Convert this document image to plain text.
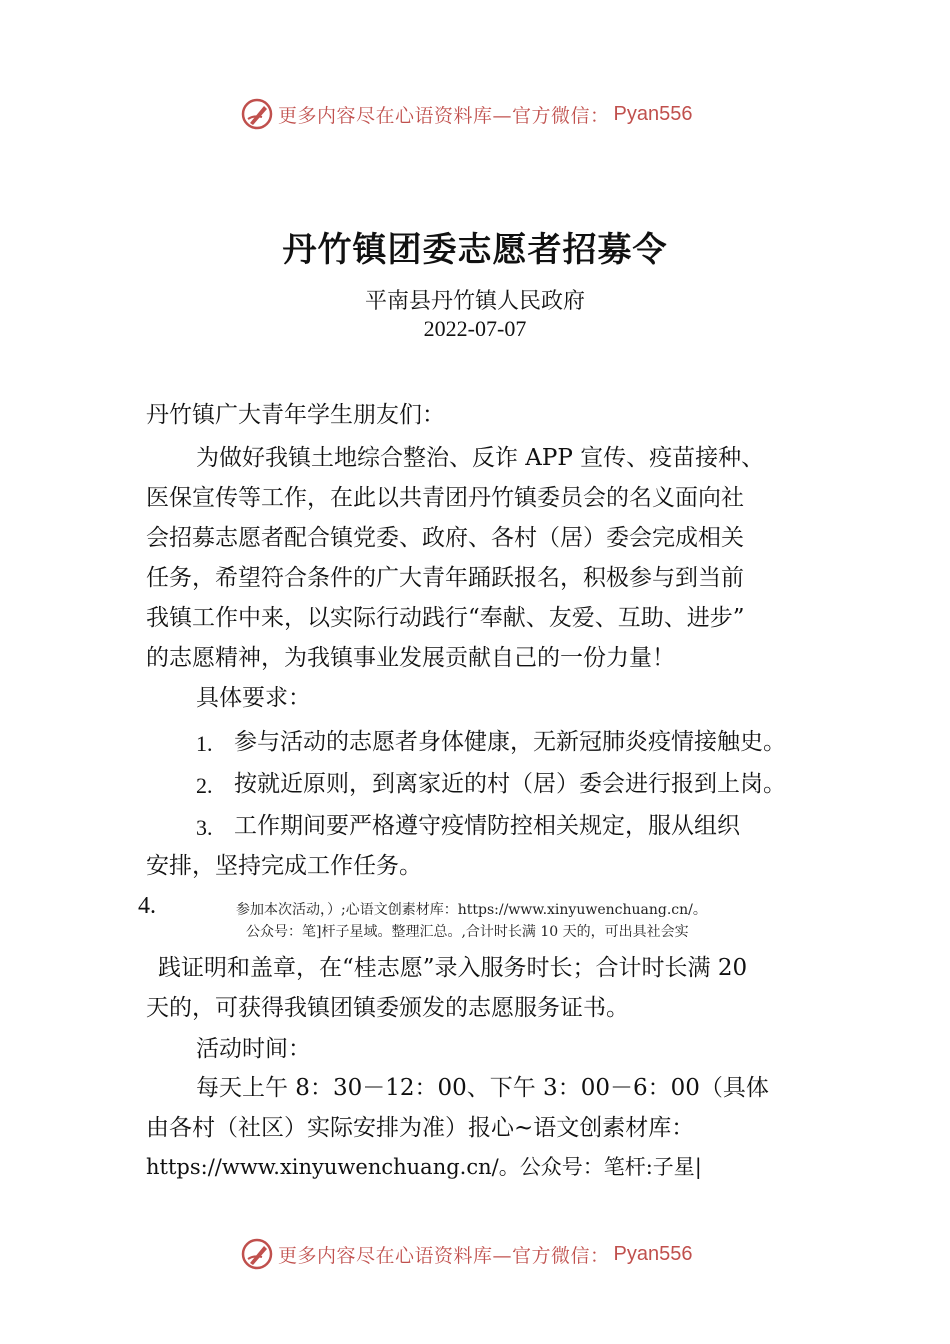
更多内容尽在心语资料库—官方微信： Pyan556
丹竹镇团委志愿者招募令
平南县丹竹镇人民政府
2022-07-07
丹竹镇广大青年学生朋友们：
为做好我镇土地综合整治、反诈 APP 宣传、疫苗接种、
医保宣传等工作，在此以共青团丹竹镇委员会的名义面向社
会招募志愿者配合镇党委、政府、各村（居）委会完成相关
任务，希望符合条件的广大青年踊跃报名，积极参与到当前
我镇工作中来，以实际行动践行“奉献、友爱、互助、进步”
的志愿精神，为我镇事业发展贡献自己的一份力量！
具体要求：
1. 参与活动的志愿者身体健康，无新冠肺炎疫情接触史。
2. 按就近原则，到离家近的村（居）委会进行报到上岗。
3. 工作期间要严格遵守疫情防控相关规定，服从组织
安排，坚持完成工作任务。
4.	参加本次活动，）;心语文创素材库：https://www.xinyuwenchuang.cn/。
公众号：笔]杆子星域。整理汇总。,合计时长满 10 天的，可出具社会实
践证明和盖章，在“桂志愿”录入服务时长；合计时长满 20
天的，可获得我镇团镇委颁发的志愿服务证书。
活动时间：
每天上午 8：30－12：00、下午 3：00－6：00（具体
由各村（社区）实际安排为准）报心~语文创素材库：
https://www.xinyuwenchuang.cn/。公众号：笔杆:子星|
更多内容尽在心语资料库—官方微信： Pyan556
